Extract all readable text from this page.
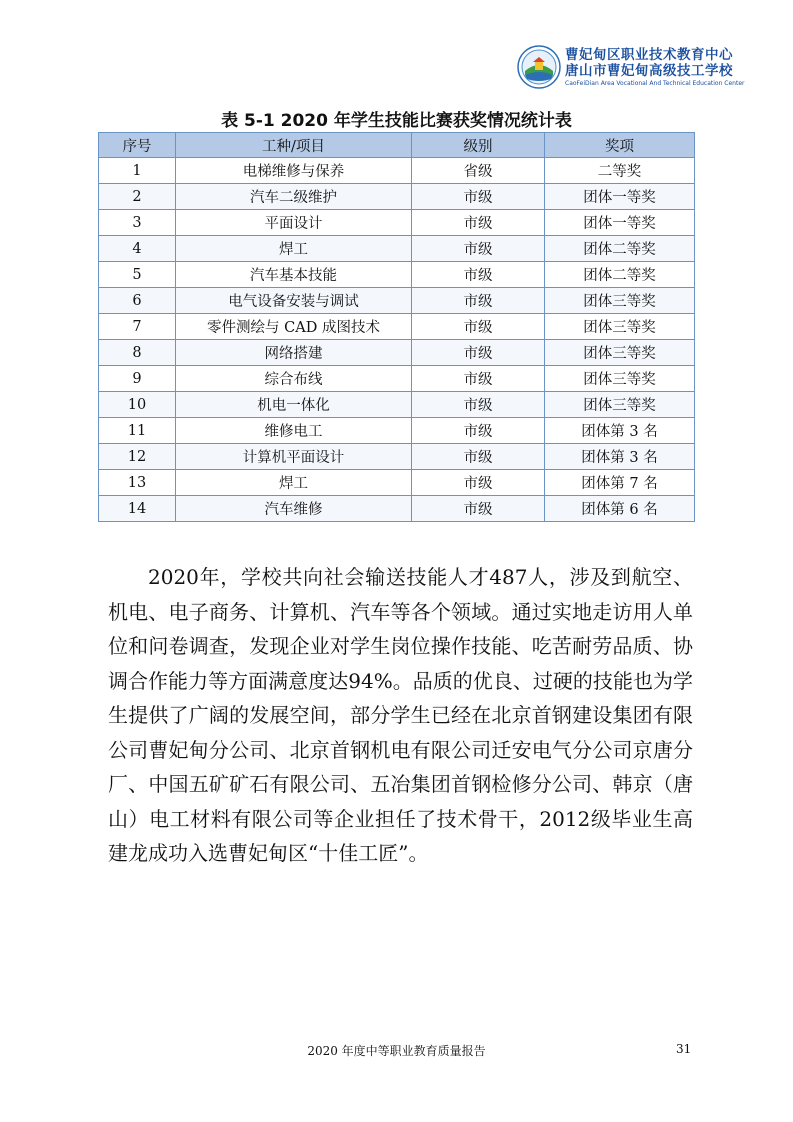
曹妃甸区职业技术教育中心
唐山市曹妃甸高级技工学校
CaoFeiDian Area Vocational And Technical Education Center
表 5-1 2020 年学生技能比赛获奖情况统计表
序号	工种/项目	级别	奖项
1	电梯维修与保养	省级	二等奖
2	汽车二级维护	市级	团体一等奖
3	平面设计	市级	团体一等奖
4	焊工	市级	团体二等奖
5	汽车基本技能	市级	团体二等奖
6	电气设备安装与调试	市级	团体三等奖
7	零件测绘与 CAD 成图技术	市级	团体三等奖
8	网络搭建	市级	团体三等奖
9	综合布线	市级	团体三等奖
10	机电一体化	市级	团体三等奖
11	维修电工	市级	团体第 3 名
12	计算机平面设计	市级	团体第 3 名
13	焊工	市级	团体第 7 名
14	汽车维修	市级	团体第 6 名

2020年，学校共向社会输送技能人才487人，涉及到航空、机电、电子商务、计算机、汽车等各个领域。通过实地走访用人单位和问卷调查，发现企业对学生岗位操作技能、吃苦耐劳品质、协调合作能力等方面满意度达94%。品质的优良、过硬的技能也为学生提供了广阔的发展空间，部分学生已经在北京首钢建设集团有限公司曹妃甸分公司、北京首钢机电有限公司迁安电气分公司京唐分厂、中国五矿矿石有限公司、五冶集团首钢检修分公司、韩京（唐山）电工材料有限公司等企业担任了技术骨干，2012级毕业生高建龙成功入选曹妃甸区“十佳工匠”。

2020 年度中等职业教育质量报告	31
